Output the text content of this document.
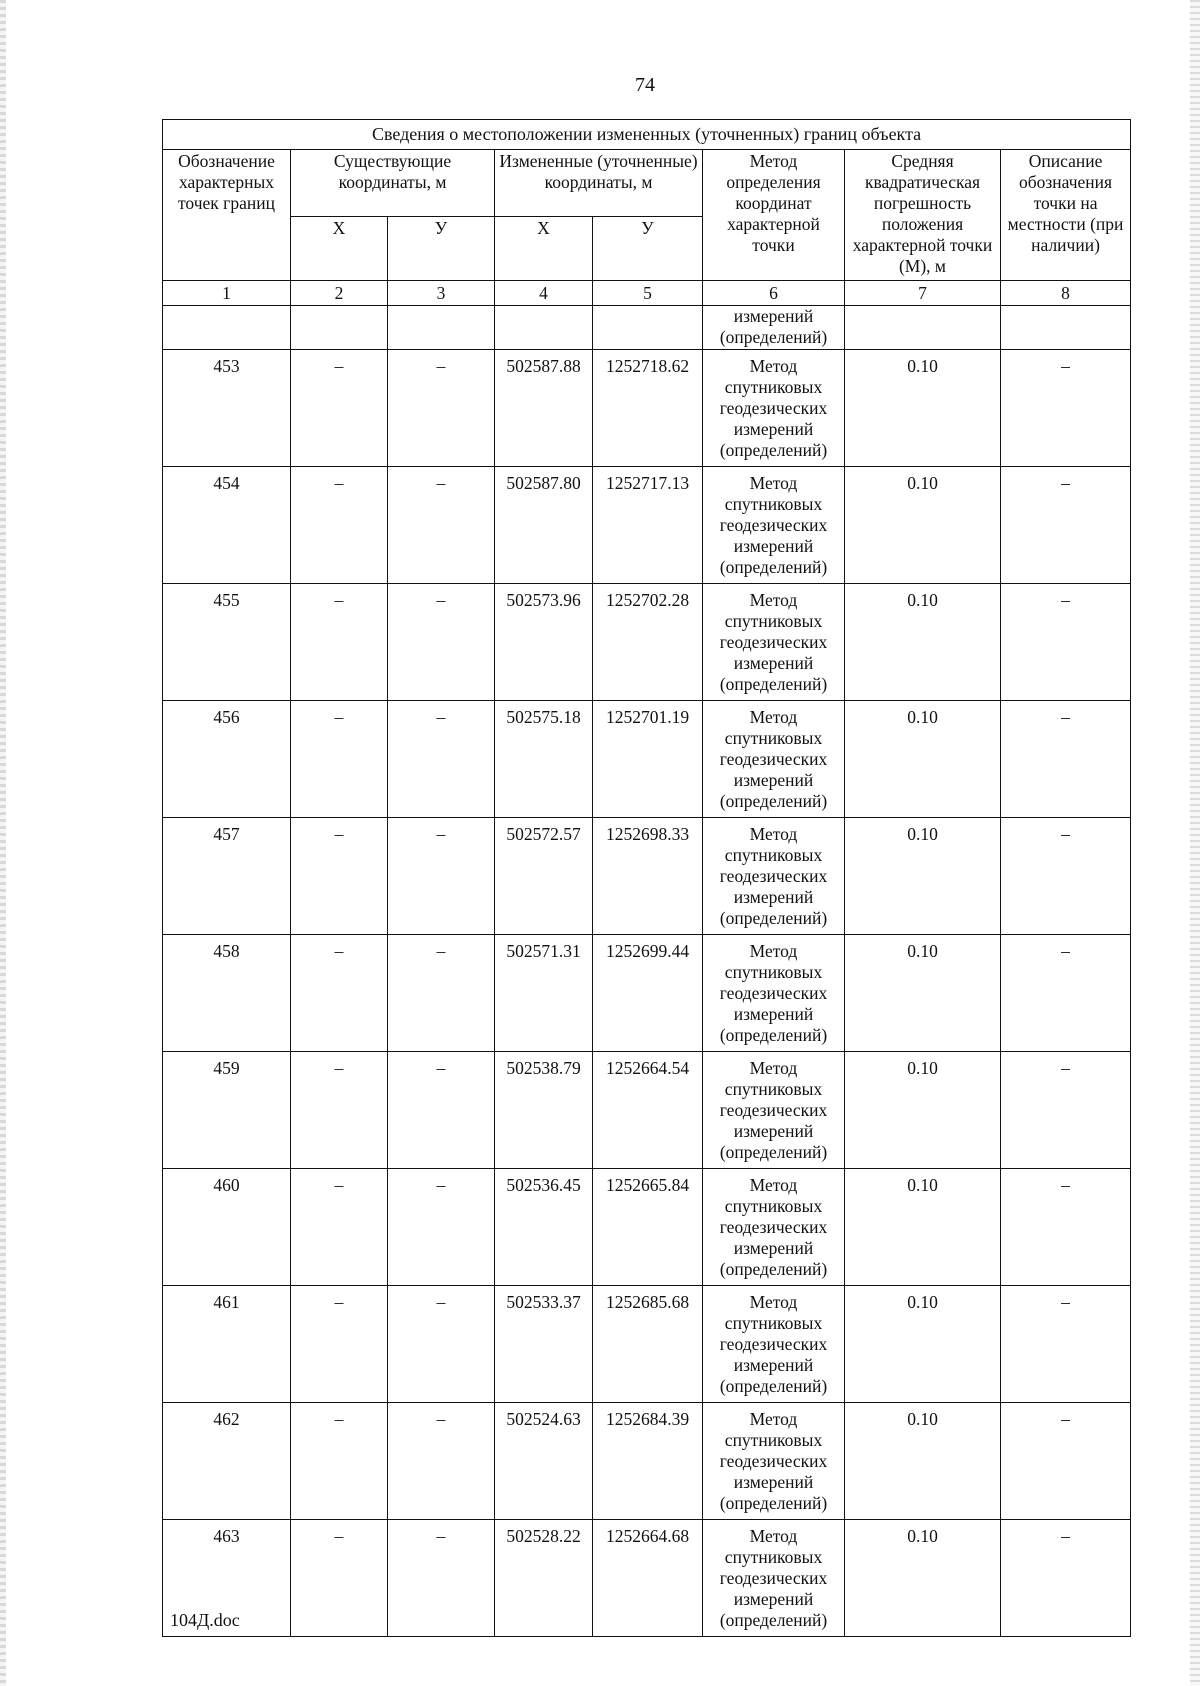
74
Сведения о местоположении измененных (уточненных) границ объекта							
Обозначение характерных точек границ	Существующие координаты, м		Измененные (уточненные) координаты, м		Метод определения координат характерной точки	Средняя квадратическая погрешность положения характерной точки (М), м	Описание обозначения точки на местности (при наличии)
	X	У	X	У			
1	2	3	4	5	6	7	8
					измерений (определений)		
453	–	–	502587.88	1252718.62	Метод спутниковых геодезических измерений (определений)	0.10	–
454	–	–	502587.80	1252717.13	Метод спутниковых геодезических измерений (определений)	0.10	–
455	–	–	502573.96	1252702.28	Метод спутниковых геодезических измерений (определений)	0.10	–
456	–	–	502575.18	1252701.19	Метод спутниковых геодезических измерений (определений)	0.10	–
457	–	–	502572.57	1252698.33	Метод спутниковых геодезических измерений (определений)	0.10	–
458	–	–	502571.31	1252699.44	Метод спутниковых геодезических измерений (определений)	0.10	–
459	–	–	502538.79	1252664.54	Метод спутниковых геодезических измерений (определений)	0.10	–
460	–	–	502536.45	1252665.84	Метод спутниковых геодезических измерений (определений)	0.10	–
461	–	–	502533.37	1252685.68	Метод спутниковых геодезических измерений (определений)	0.10	–
462	–	–	502524.63	1252684.39	Метод спутниковых геодезических измерений (определений)	0.10	–
463	–	–	502528.22	1252664.68	Метод спутниковых геодезических измерений (определений)	0.10	–
104Д.doc
